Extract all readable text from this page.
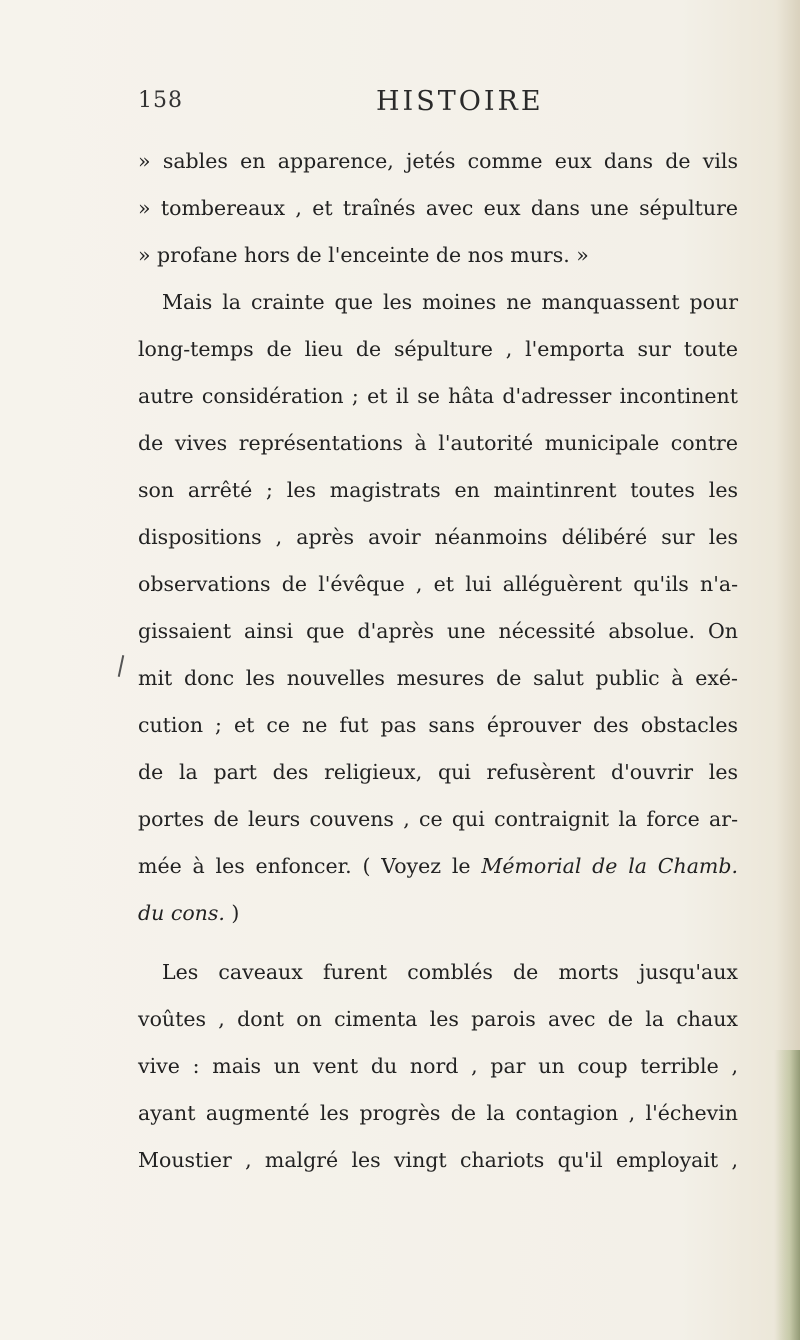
158	HISTOIRE
» sables en apparence, jetés comme eux dans de vils
» tombereaux , et traînés avec eux dans une sépulture
» profane hors de l'enceinte de nos murs. »
Mais la crainte que les moines ne manquassent pour
long-temps de lieu de sépulture , l'emporta sur toute
autre considération ; et il se hâta d'adresser incontinent
de vives représentations à l'autorité municipale contre
son arrêté ; les magistrats en maintinrent toutes les
dispositions , après avoir néanmoins délibéré sur les
observations de l'évêque , et lui alléguèrent qu'ils n'a-
gissaient ainsi que d'après une nécessité absolue. On
mit donc les nouvelles mesures de salut public à exé-
cution ; et ce ne fut pas sans éprouver des obstacles
de la part des religieux, qui refusèrent d'ouvrir les
portes de leurs couvens , ce qui contraignit la force ar-
mée à les enfoncer. ( Voyez le Mémorial de la Chamb.
du cons. )
Les caveaux furent comblés de morts jusqu'aux
voûtes , dont on cimenta les parois avec de la chaux
vive : mais un vent du nord , par un coup terrible ,
ayant augmenté les progrès de la contagion , l'échevin
Moustier , malgré les vingt chariots qu'il employait ,
